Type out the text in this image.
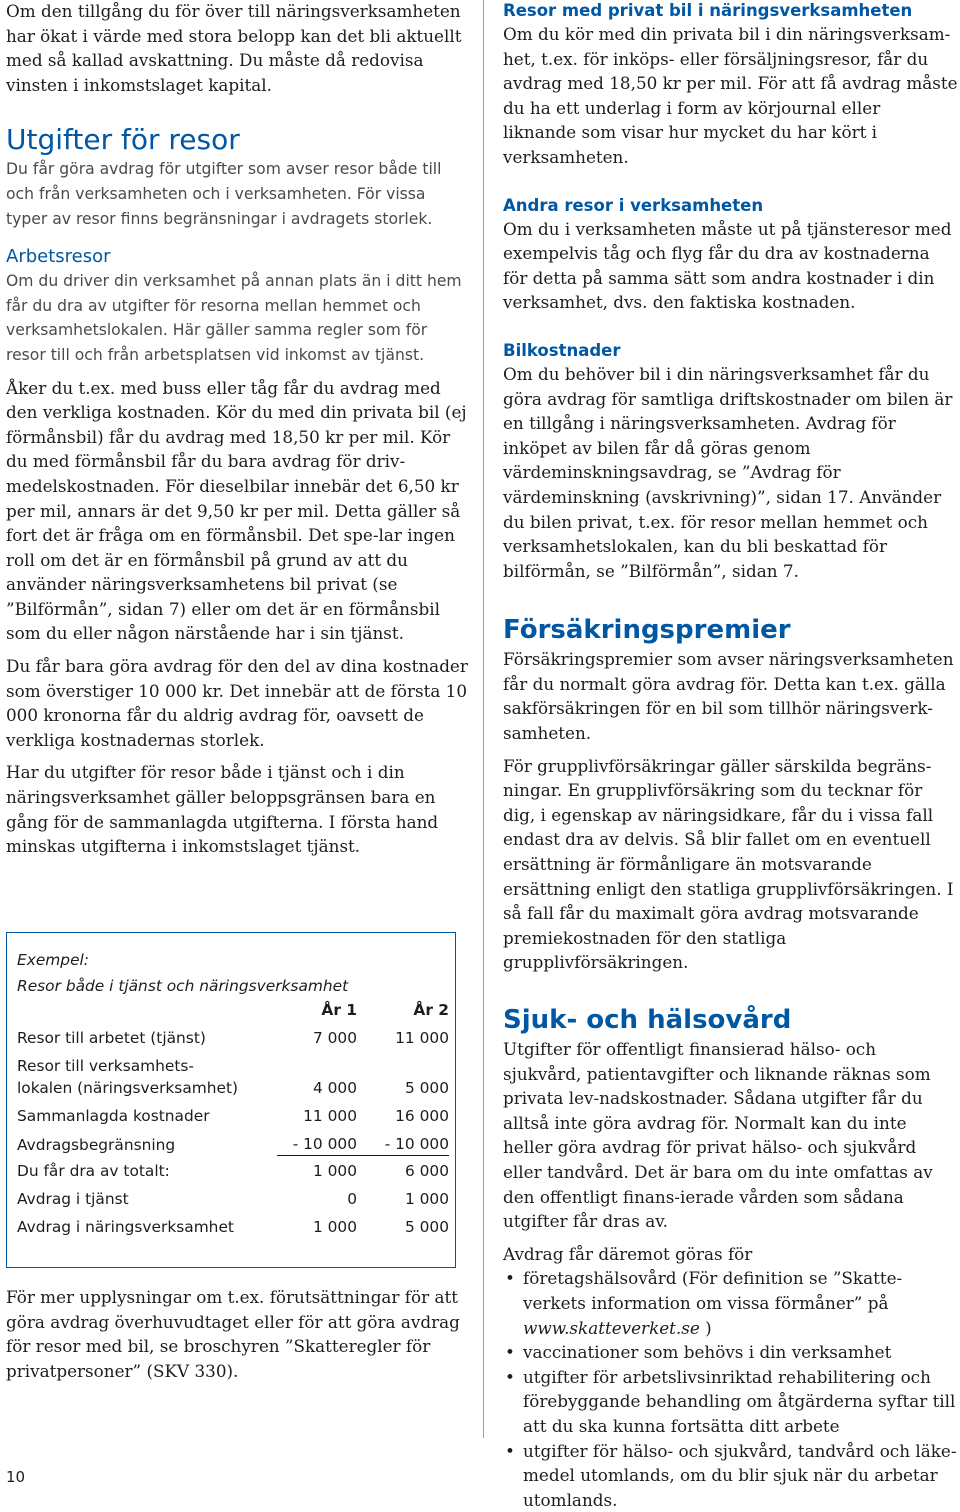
Om den tillgång du för över till näringsverksamheten har ökat i värde med stora belopp kan det bli aktuellt med så kallad avskattning. Du måste då redovisa vinsten i inkomstslaget kapital.

Utgifter för resor

Du får göra avdrag för utgifter som avser resor både till och från verksamheten och i verksamheten. För vissa typer av resor finns begränsningar i avdragets storlek.

Arbetsresor

Om du driver din verksamhet på annan plats än i ditt hem får du dra av utgifter för resorna mellan hemmet och verksamhetslokalen. Här gäller samma regler som för resor till och från arbetsplatsen vid inkomst av tjänst.

Åker du t.ex. med buss eller tåg får du avdrag med den verkliga kostnaden. Kör du med din privata bil (ej förmånsbil) får du avdrag med 18,50 kr per mil. Kör du med förmånsbil får du bara avdrag för driv-medelskostnaden. För dieselbilar innebär det 6,50 kr per mil, annars är det 9,50 kr per mil. Detta gäller så fort det är fråga om en förmånsbil. Det spe-lar ingen roll om det är en förmånsbil på grund av att du använder näringsverksamhetens bil privat (se ”Bilförmån”, sidan 7) eller om det är en förmånsbil som du eller någon närstående har i sin tjänst.

Du får bara göra avdrag för den del av dina kostnader som överstiger 10 000 kr. Det innebär att de första 10 000 kronorna får du aldrig avdrag för, oavsett de verkliga kostnadernas storlek.

Har du utgifter för resor både i tjänst och i din näringsverksamhet gäller beloppsgränsen bara en gång för de sammanlagda utgifterna. I första hand minskas utgifterna i inkomstslaget tjänst.

Exempel:
Resor både i tjänst och näringsverksamhet
År 1	År 2
Resor till arbetet (tjänst)	7 000	11 000
Resor till verksamhets-
lokalen (näringsverksamhet)	4 000	5 000
Sammanlagda kostnader	11 000	16 000
Avdragsbegränsning	- 10 000	- 10 000
Du får dra av totalt:	1 000	6 000
Avdrag i tjänst	0	1 000
Avdrag i näringsverksamhet	1 000	5 000

För mer upplysningar om t.ex. förutsättningar för att göra avdrag överhuvudtaget eller för att göra avdrag för resor med bil, se broschyren ”Skatteregler för privatpersoner” (SKV 330).

Resor med privat bil i näringsverksamheten

Om du kör med din privata bil i din näringsverksam-het, t.ex. för inköps- eller försäljningsresor, får du avdrag med 18,50 kr per mil. För att få avdrag måste du ha ett underlag i form av körjournal eller liknande som visar hur mycket du har kört i verksamheten.

Andra resor i verksamheten

Om du i verksamheten måste ut på tjänsteresor med exempelvis tåg och flyg får du dra av kostnaderna för detta på samma sätt som andra kostnader i din verksamhet, dvs. den faktiska kostnaden.

Bilkostnader

Om du behöver bil i din näringsverksamhet får du göra avdrag för samtliga driftskostnader om bilen är en tillgång i näringsverksamheten. Avdrag för inköpet av bilen får då göras genom värdeminskningsavdrag, se ”Avdrag för värdeminskning (avskrivning)”, sidan 17. Använder du bilen privat, t.ex. för resor mellan hemmet och verksamhetslokalen, kan du bli beskattad för bilförmån, se ”Bilförmån”, sidan 7.

Försäkringspremier

Försäkringspremier som avser näringsverksamheten får du normalt göra avdrag för. Detta kan t.ex. gälla sakförsäkringen för en bil som tillhör näringsverk-samheten.

För grupplivförsäkringar gäller särskilda begräns-ningar. En grupplivförsäkring som du tecknar för dig, i egenskap av näringsidkare, får du i vissa fall endast dra av delvis. Så blir fallet om en eventuell ersättning är förmånligare än motsvarande ersättning enligt den statliga grupplivförsäkringen. I så fall får du maximalt göra avdrag motsvarande premiekostnaden för den statliga grupplivförsäkringen.

Sjuk- och hälsovård

Utgifter för offentligt finansierad hälso- och sjukvård, patientavgifter och liknande räknas som privata lev-nadskostnader. Sådana utgifter får du alltså inte göra avdrag för. Normalt kan du inte heller göra avdrag för privat hälso- och sjukvård eller tandvård. Det är bara om du inte omfattas av den offentligt finans-ierade vården som sådana utgifter får dras av.

Avdrag får däremot göras för

• företagshälsovård (För definition se ”Skatte-verkets information om vissa förmåner” på
www.skatteverket.se )
• vaccinationer som behövs i din verksamhet
• utgifter för arbetslivsinriktad rehabilitering och förebyggande behandling om åtgärderna syftar till att du ska kunna fortsätta ditt arbete
• utgifter för hälso- och sjukvård, tandvård och läke-medel utomlands, om du blir sjuk när du arbetar utomlands.
10
